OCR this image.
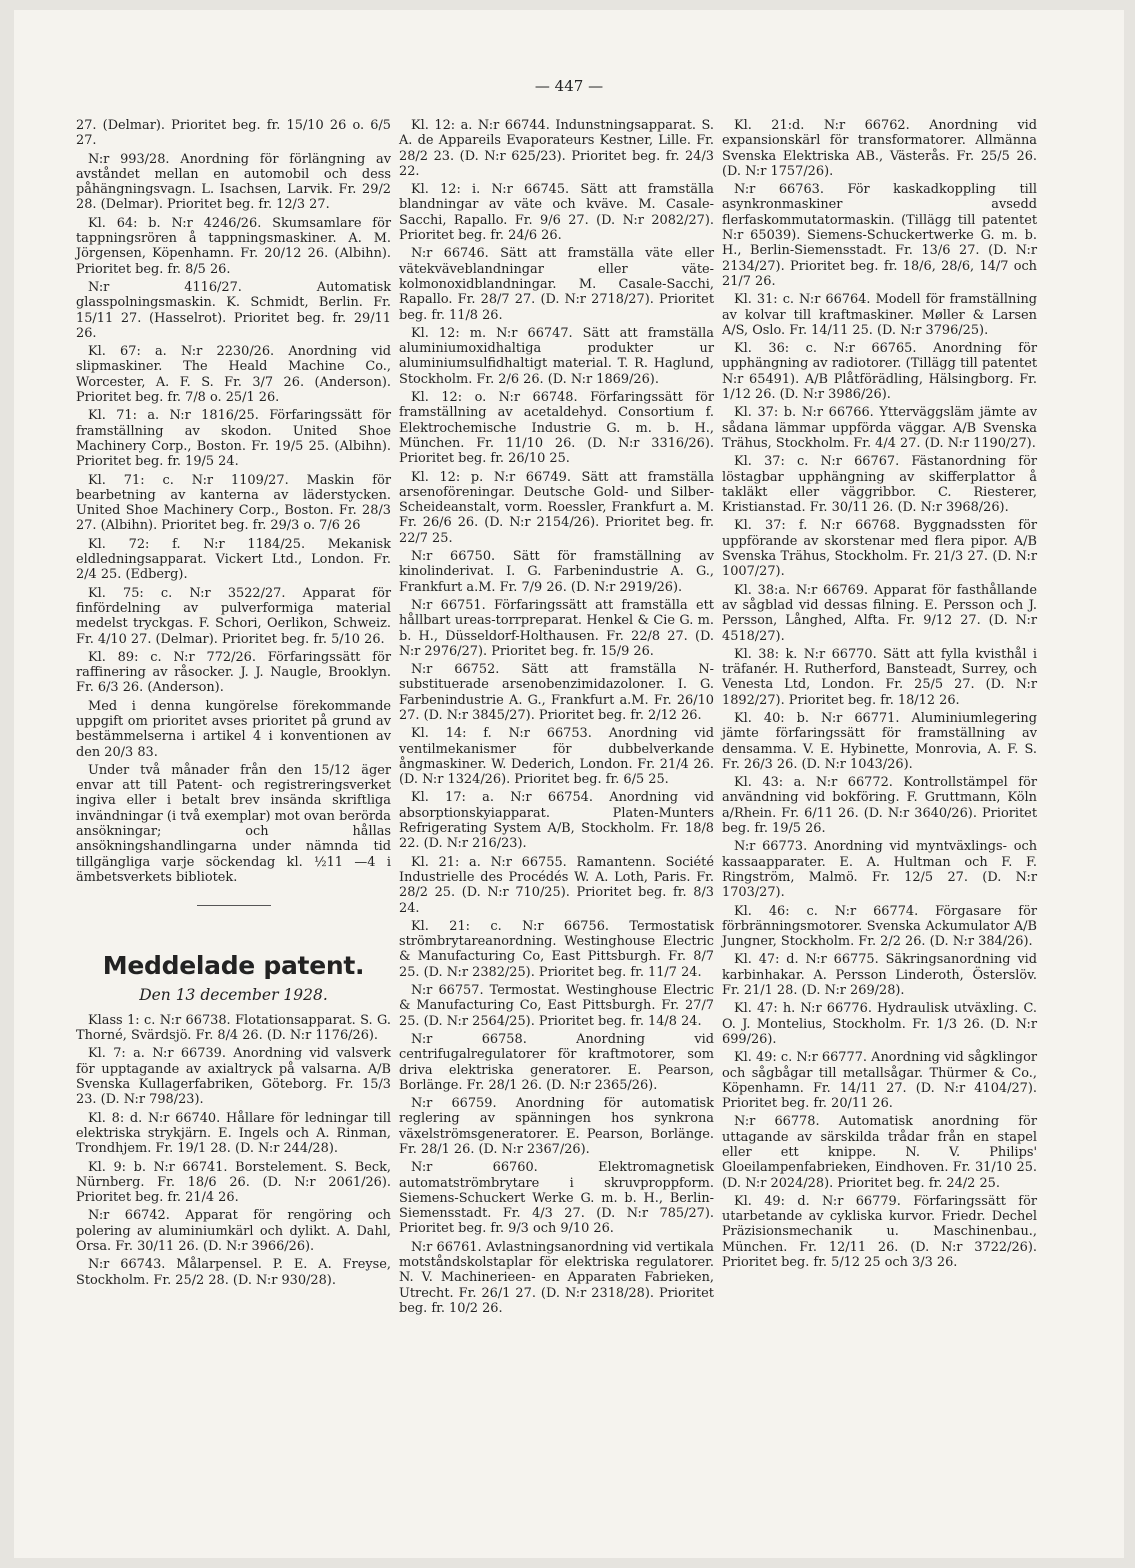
— 447 —

27. (Delmar). Prioritet beg. fr. 15/10 26 o. 6/5 27.

N:r 993/28. Anordning för förlängning av avståndet mellan en automobil och dess påhängningsvagn. L. Isachsen, Larvik. Fr. 29/2 28. (Delmar). Prioritet beg. fr. 12/3 27.

Kl. 64: b. N:r 4246/26. Skumsamlare för tappningsrören å tappningsmaskiner. A. M. Jörgensen, Köpenhamn. Fr. 20/12 26. (Albihn). Prioritet beg. fr. 8/5 26.

N:r 4116/27. Automatisk glasspolningsmaskin. K. Schmidt, Berlin. Fr. 15/11 27. (Hasselrot). Prioritet beg. fr. 29/11 26.

Kl. 67: a. N:r 2230/26. Anordning vid slipmaskiner. The Heald Machine Co., Worcester, A. F. S. Fr. 3/7 26. (Anderson). Prioritet beg. fr. 7/8 o. 25/1 26.

Kl. 71: a. N:r 1816/25. Förfaringssätt för framställning av skodon. United Shoe Machinery Corp., Boston. Fr. 19/5 25. (Albihn). Prioritet beg. fr. 19/5 24.

Kl. 71: c. N:r 1109/27. Maskin för bearbetning av kanterna av läderstycken. United Shoe Machinery Corp., Boston. Fr. 28/3 27. (Albihn). Prioritet beg. fr. 29/3 o. 7/6 26

Kl. 72: f. N:r 1184/25. Mekanisk eldledningsapparat. Vickert Ltd., London. Fr. 2/4 25. (Edberg).

Kl. 75: c. N:r 3522/27. Apparat för finfördelning av pulverformiga material medelst tryckgas. F. Schori, Oerlikon, Schweiz. Fr. 4/10 27. (Delmar). Prioritet beg. fr. 5/10 26.

Kl. 89: c. N:r 772/26. Förfaringssätt för raffinering av råsocker. J. J. Naugle, Brooklyn. Fr. 6/3 26. (Anderson).

Med i denna kungörelse förekommande uppgift om prioritet avses prioritet på grund av bestämmelserna i artikel 4 i konventionen av den 20/3 83.

Under två månader från den 15/12 äger envar att till Patent- och registreringsverket ingiva eller i betalt brev insända skriftliga invändningar (i två exemplar) mot ovan berörda ansökningar; och hållas ansökningshandlingarna under nämnda tid tillgängliga varje söckendag kl. ½11 —4 i ämbetsverkets bibliotek.

Meddelade patent.
Den 13 december 1928.

Klass 1: c. N:r 66738. Flotationsapparat. S. G. Thorné, Svärdsjö. Fr. 8/4 26. (D. N:r 1176/26).

Kl. 7: a. N:r 66739. Anordning vid valsverk för upptagande av axialtryck på valsarna. A/B Svenska Kullagerfabriken, Göteborg. Fr. 15/3 23. (D. N:r 798/23).

Kl. 8: d. N:r 66740. Hållare för ledningar till elektriska strykjärn. E. Ingels och A. Rinman, Trondhjem. Fr. 19/1 28. (D. N:r 244/28).

Kl. 9: b. N:r 66741. Borstelement. S. Beck, Nürnberg. Fr. 18/6 26. (D. N:r 2061/26). Prioritet beg. fr. 21/4 26.

N:r 66742. Apparat för rengöring och polering av aluminiumkärl och dylikt. A. Dahl, Orsa. Fr. 30/11 26. (D. N:r 3966/26).

N:r 66743. Målarpensel. P. E. A. Freyse, Stockholm. Fr. 25/2 28. (D. N:r 930/28).

Kl. 12: a. N:r 66744. Indunstningsapparat. S. A. de Appareils Evaporateurs Kestner, Lille. Fr. 28/2 23. (D. N:r 625/23). Prioritet beg. fr. 24/3 22.

Kl. 12: i. N:r 66745. Sätt att framställa blandningar av väte och kväve. M. Casale-Sacchi, Rapallo. Fr. 9/6 27. (D. N:r 2082/27). Prioritet beg. fr. 24/6 26.

N:r 66746. Sätt att framställa väte eller vätekväveblandningar eller väte-kolmonoxidblandningar. M. Casale-Sacchi, Rapallo. Fr. 28/7 27. (D. N:r 2718/27). Prioritet beg. fr. 11/8 26.

Kl. 12: m. N:r 66747. Sätt att framställa aluminiumoxidhaltiga produkter ur aluminiumsulfidhaltigt material. T. R. Haglund, Stockholm. Fr. 2/6 26. (D. N:r 1869/26).

Kl. 12: o. N:r 66748. Förfaringssätt för framställning av acetaldehyd. Consortium f. Elektrochemische Industrie G. m. b. H., München. Fr. 11/10 26. (D. N:r 3316/26). Prioritet beg. fr. 26/10 25.

Kl. 12: p. N:r 66749. Sätt att framställa arsenoföreningar. Deutsche Gold- und Silber-Scheideanstalt, vorm. Roessler, Frankfurt a. M. Fr. 26/6 26. (D. N:r 2154/26). Prioritet beg. fr. 22/7 25.

N:r 66750. Sätt för framställning av kinolinderivat. I. G. Farbenindustrie A. G., Frankfurt a.M. Fr. 7/9 26. (D. N:r 2919/26).

N:r 66751. Förfaringssätt att framställa ett hållbart ureas-torrpreparat. Henkel & Cie G. m. b. H., Düsseldorf-Holthausen. Fr. 22/8 27. (D. N:r 2976/27). Prioritet beg. fr. 15/9 26.

N:r 66752. Sätt att framställa N-substituerade arsenobenzimidazoloner. I. G. Farbenindustrie A. G., Frankfurt a.M. Fr. 26/10 27. (D. N:r 3845/27). Prioritet beg. fr. 2/12 26.

Kl. 14: f. N:r 66753. Anordning vid ventilmekanismer för dubbelverkande ångmaskiner. W. Dederich, London. Fr. 21/4 26. (D. N:r 1324/26). Prioritet beg. fr. 6/5 25.

Kl. 17: a. N:r 66754. Anordning vid absorptionskyiapparat. Platen-Munters Refrigerating System A/B, Stockholm. Fr. 18/8 22. (D. N:r 216/23).

Kl. 21: a. N:r 66755. Ramantenn. Société Industrielle des Procédés W. A. Loth, Paris. Fr. 28/2 25. (D. N:r 710/25). Prioritet beg. fr. 8/3 24.

Kl. 21: c. N:r 66756. Termostatisk strömbrytareanordning. Westinghouse Electric & Manufacturing Co, East Pittsburgh. Fr. 8/7 25. (D. N:r 2382/25). Prioritet beg. fr. 11/7 24.

N:r 66757. Termostat. Westinghouse Electric & Manufacturing Co, East Pittsburgh. Fr. 27/7 25. (D. N:r 2564/25). Prioritet beg. fr. 14/8 24.

N:r 66758. Anordning vid centrifugalregulatorer för kraftmotorer, som driva elektriska generatorer. E. Pearson, Borlänge. Fr. 28/1 26. (D. N:r 2365/26).

N:r 66759. Anordning för automatisk reglering av spänningen hos synkrona växelströmsgeneratorer. E. Pearson, Borlänge. Fr. 28/1 26. (D. N:r 2367/26).

N:r 66760. Elektromagnetisk automatströmbrytare i skruvproppform. Siemens-Schuckert Werke G. m. b. H., Berlin-Siemensstadt. Fr. 4/3 27. (D. N:r 785/27). Prioritet beg. fr. 9/3 och 9/10 26.

N:r 66761. Avlastningsanordning vid vertikala motståndskolstaplar för elektriska regulatorer. N. V. Machinerieen- en Apparaten Fabrieken, Utrecht. Fr. 26/1 27. (D. N:r 2318/28). Prioritet beg. fr. 10/2 26.

Kl. 21:d. N:r 66762. Anordning vid expansionskärl för transformatorer. Allmänna Svenska Elektriska AB., Västerås. Fr. 25/5 26. (D. N:r 1757/26).

N:r 66763. För kaskadkoppling till asynkronmaskiner avsedd flerfaskommutatormaskin. (Tillägg till patentet N:r 65039). Siemens-Schuckertwerke G. m. b. H., Berlin-Siemensstadt. Fr. 13/6 27. (D. N:r 2134/27). Prioritet beg. fr. 18/6, 28/6, 14/7 och 21/7 26.

Kl. 31: c. N:r 66764. Modell för framställning av kolvar till kraftmaskiner. Møller & Larsen A/S, Oslo. Fr. 14/11 25. (D. N:r 3796/25).

Kl. 36: c. N:r 66765. Anordning för upphängning av radiotorer. (Tillägg till patentet N:r 65491). A/B Plåtförädling, Hälsingborg. Fr. 1/12 26. (D. N:r 3986/26).

Kl. 37: b. N:r 66766. Ytterväggsläm jämte av sådana lämmar uppförda väggar. A/B Svenska Trähus, Stockholm. Fr. 4/4 27. (D. N:r 1190/27).

Kl. 37: c. N:r 66767. Fästanordning för löstagbar upphängning av skifferplattor å takläkt eller väggribbor. C. Riesterer, Kristianstad. Fr. 30/11 26. (D. N:r 3968/26).

Kl. 37: f. N:r 66768. Byggnadssten för uppförande av skorstenar med flera pipor. A/B Svenska Trähus, Stockholm. Fr. 21/3 27. (D. N:r 1007/27).

Kl. 38:a. N:r 66769. Apparat för fasthållande av sågblad vid dessas filning. E. Persson och J. Persson, Långhed, Alfta. Fr. 9/12 27. (D. N:r 4518/27).

Kl. 38: k. N:r 66770. Sätt att fylla kvisthål i träfanér. H. Rutherford, Bansteadt, Surrey, och Venesta Ltd, London. Fr. 25/5 27. (D. N:r 1892/27). Prioritet beg. fr. 18/12 26.

Kl. 40: b. N:r 66771. Aluminiumlegering jämte förfaringssätt för framställning av densamma. V. E. Hybinette, Monrovia, A. F. S. Fr. 26/3 26. (D. N:r 1043/26).

Kl. 43: a. N:r 66772. Kontrollstämpel för användning vid bokföring. F. Gruttmann, Köln a/Rhein. Fr. 6/11 26. (D. N:r 3640/26). Prioritet beg. fr. 19/5 26.

N:r 66773. Anordning vid myntväxlings- och kassaapparater. E. A. Hultman och F. F. Ringström, Malmö. Fr. 12/5 27. (D. N:r 1703/27).

Kl. 46: c. N:r 66774. Förgasare för förbränningsmotorer. Svenska Ackumulator A/B Jungner, Stockholm. Fr. 2/2 26. (D. N:r 384/26).

Kl. 47: d. N:r 66775. Säkringsanordning vid karbinhakar. A. Persson Linderoth, Österslöv. Fr. 21/1 28. (D. N:r 269/28).

Kl. 47: h. N:r 66776. Hydraulisk utväxling. C. O. J. Montelius, Stockholm. Fr. 1/3 26. (D. N:r 699/26).

Kl. 49: c. N:r 66777. Anordning vid sågklingor och sågbågar till metallsågar. Thürmer & Co., Köpenhamn. Fr. 14/11 27. (D. N:r 4104/27). Prioritet beg. fr. 20/11 26.

N:r 66778. Automatisk anordning för uttagande av särskilda trådar från en stapel eller ett knippe. N. V. Philips' Gloeilampenfabrieken, Eindhoven. Fr. 31/10 25. (D. N:r 2024/28). Prioritet beg. fr. 24/2 25.

Kl. 49: d. N:r 66779. Förfaringssätt för utarbetande av cykliska kurvor. Friedr. Dechel Präzisionsmechanik u. Maschinenbau., München. Fr. 12/11 26. (D. N:r 3722/26). Prioritet beg. fr. 5/12 25 och 3/3 26.
